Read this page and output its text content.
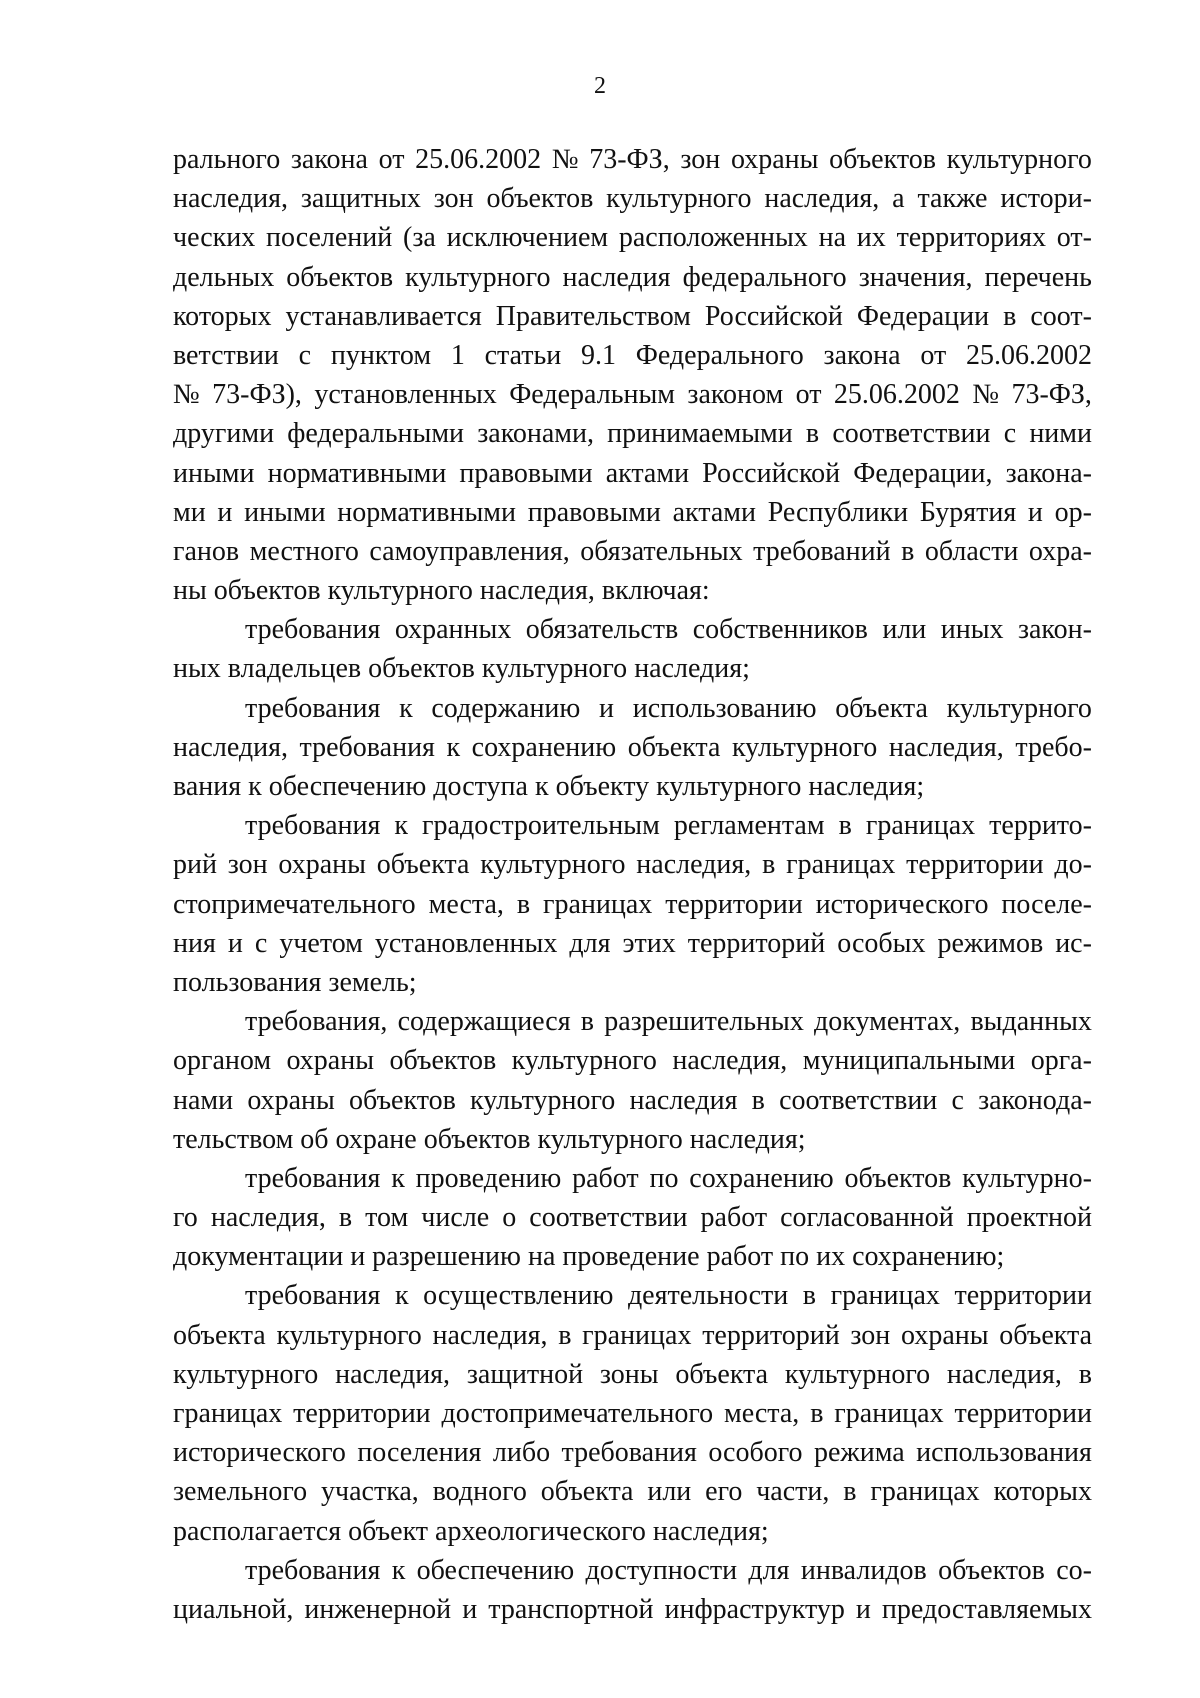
2
рального закона от 25.06.2002 № 73-ФЗ, зон охраны объектов культурного
наследия, защитных зон объектов культурного наследия, а также истори-
ческих поселений (за исключением расположенных на их территориях от-
дельных объектов культурного наследия федерального значения, перечень
которых устанавливается Правительством Российской Федерации в соот-
ветствии с пунктом 1 статьи 9.1 Федерального закона от 25.06.2002
№ 73-ФЗ), установленных Федеральным законом от 25.06.2002 № 73-ФЗ,
другими федеральными законами, принимаемыми в соответствии с ними
иными нормативными правовыми актами Российской Федерации, закона-
ми и иными нормативными правовыми актами Республики Бурятия и ор-
ганов местного самоуправления, обязательных требований в области охра-
ны объектов культурного наследия, включая:
требования охранных обязательств собственников или иных закон-
ных владельцев объектов культурного наследия;
требования к содержанию и использованию объекта культурного
наследия, требования к сохранению объекта культурного наследия, требо-
вания к обеспечению доступа к объекту культурного наследия;
требования к градостроительным регламентам в границах террито-
рий зон охраны объекта культурного наследия, в границах территории до-
стопримечательного места, в границах территории исторического поселе-
ния и с учетом установленных для этих территорий особых режимов ис-
пользования земель;
требования, содержащиеся в разрешительных документах, выданных
органом охраны объектов культурного наследия, муниципальными орга-
нами охраны объектов культурного наследия в соответствии с законода-
тельством об охране объектов культурного наследия;
требования к проведению работ по сохранению объектов культурно-
го наследия, в том числе о соответствии работ согласованной проектной
документации и разрешению на проведение работ по их сохранению;
требования к осуществлению деятельности в границах территории
объекта культурного наследия, в границах территорий зон охраны объекта
культурного наследия, защитной зоны объекта культурного наследия, в
границах территории достопримечательного места, в границах территории
исторического поселения либо требования особого режима использования
земельного участка, водного объекта или его части, в границах которых
располагается объект археологического наследия;
требования к обеспечению доступности для инвалидов объектов со-
циальной, инженерной и транспортной инфраструктур и предоставляемых
